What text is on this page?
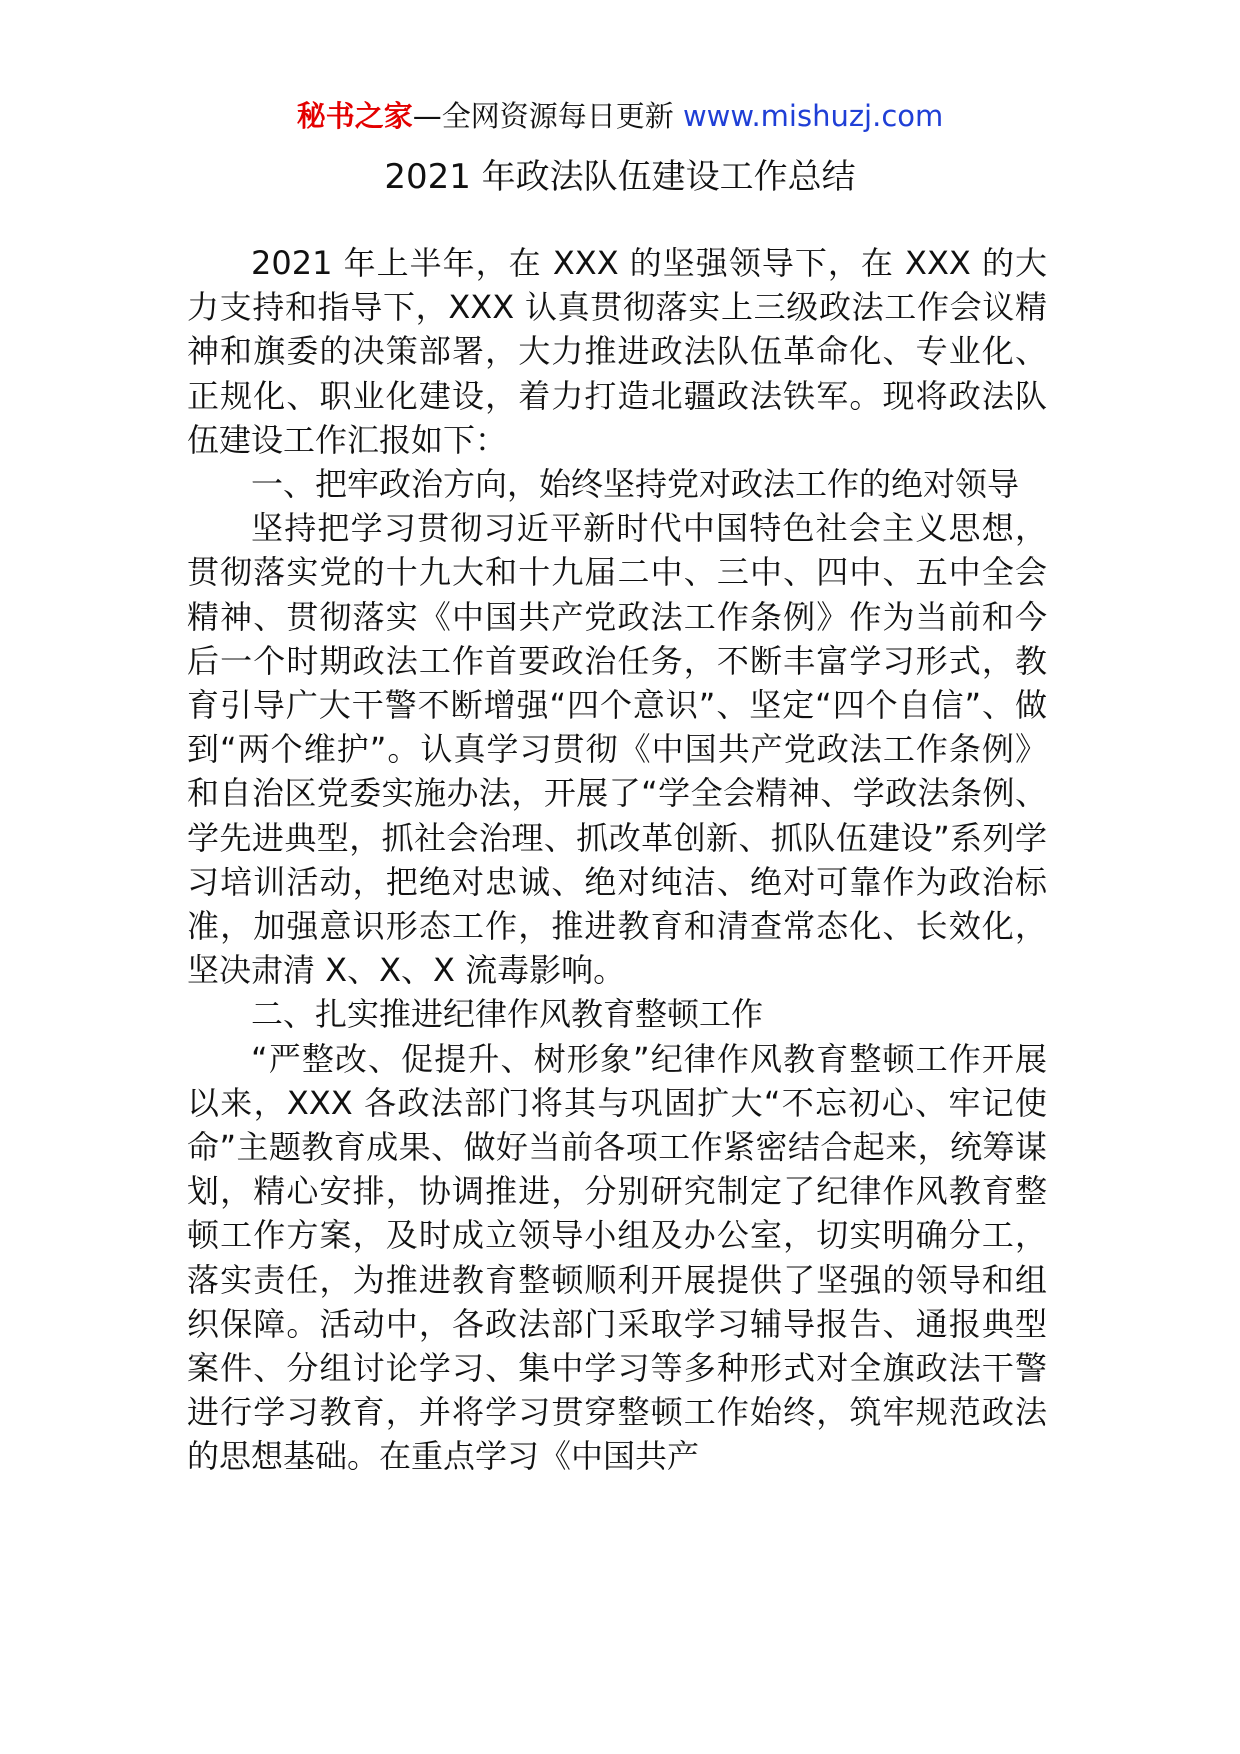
秘书之家—全网资源每日更新 www.mishuzj.com
2021 年政法队伍建设工作总结

2021 年上半年，在 XXX 的坚强领导下，在 XXX 的大力支持和指导下，XXX 认真贯彻落实上三级政法工作会议精神和旗委的决策部署，大力推进政法队伍革命化、专业化、正规化、职业化建设，着力打造北疆政法铁军。现将政法队伍建设工作汇报如下：

一、把牢政治方向，始终坚持党对政法工作的绝对领导

坚持把学习贯彻习近平新时代中国特色社会主义思想，贯彻落实党的十九大和十九届二中、三中、四中、五中全会精神、贯彻落实《中国共产党政法工作条例》作为当前和今后一个时期政法工作首要政治任务，不断丰富学习形式，教育引导广大干警不断增强“四个意识”、坚定“四个自信”、做到“两个维护”。认真学习贯彻《中国共产党政法工作条例》和自治区党委实施办法，开展了“学全会精神、学政法条例、学先进典型，抓社会治理、抓改革创新、抓队伍建设”系列学习培训活动，把绝对忠诚、绝对纯洁、绝对可靠作为政治标准，加强意识形态工作，推进教育和清查常态化、长效化，坚决肃清 X、X、X 流毒影响。

二、扎实推进纪律作风教育整顿工作

“严整改、促提升、树形象”纪律作风教育整顿工作开展以来，XXX 各政法部门将其与巩固扩大“不忘初心、牢记使命”主题教育成果、做好当前各项工作紧密结合起来，统筹谋划，精心安排，协调推进，分别研究制定了纪律作风教育整顿工作方案，及时成立领导小组及办公室，切实明确分工，落实责任，为推进教育整顿顺利开展提供了坚强的领导和组织保障。活动中，各政法部门采取学习辅导报告、通报典型案件、分组讨论学习、集中学习等多种形式对全旗政法干警进行学习教育，并将学习贯穿整顿工作始终，筑牢规范政法的思想基础。在重点学习《中国共产
